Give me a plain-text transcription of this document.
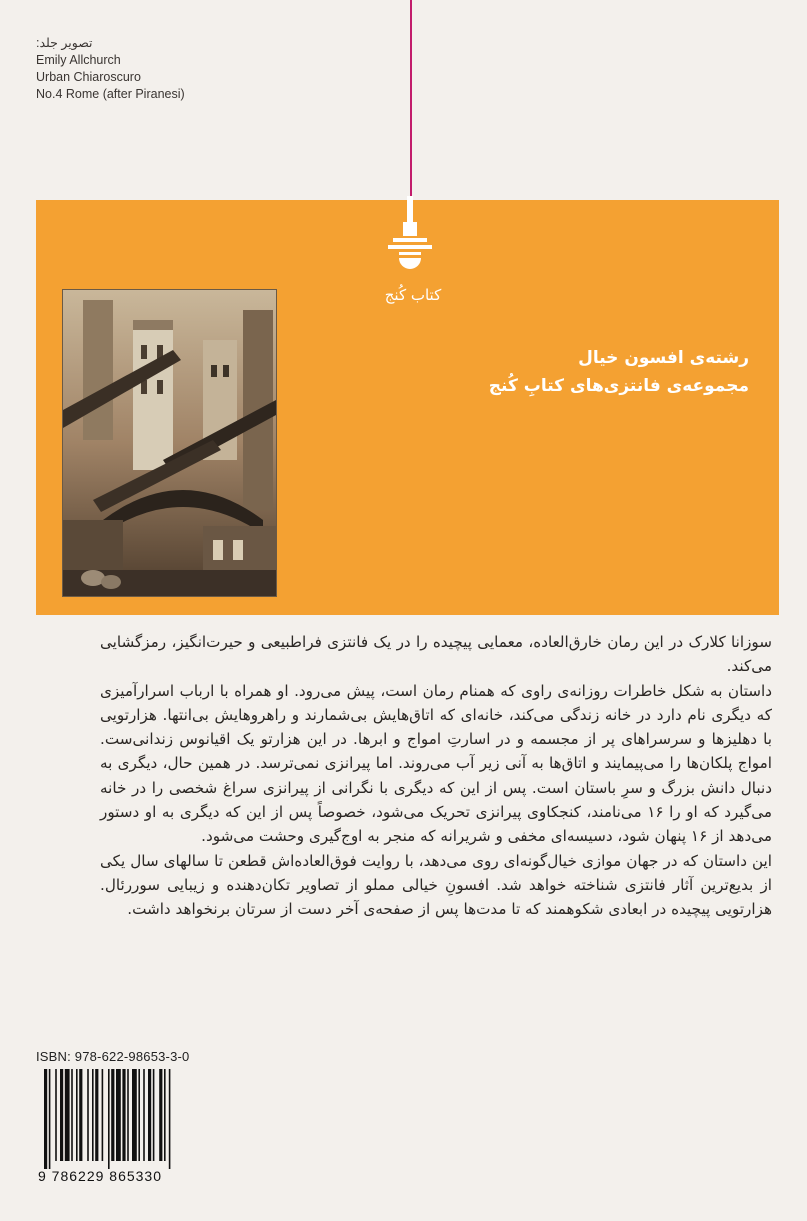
تصویر جلد:
Emily Allchurch
Urban Chiaroscuro
No.4 Rome (after Piranesi)
کتاب کُنج
رشته‌ی افسون خیال
مجموعه‌ی فانتزی‌های کتابِ کُنج

سوزانا کلارک در این رمان خارق‌العاده، معمایی پیچیده را در یک فانتزی فراطبیعی و حیرت‌انگیز، رمزگشایی می‌کند.

داستان به شکل خاطرات روزانه‌ی راوی که همنام رمان است، پیش می‌رود. او همراه با ارباب اسرارآمیزی که دیگری نام دارد در خانه زندگی می‌کند، خانه‌ای که اتاق‌هایش بی‌شمارند و راهروهایش بی‌انتها. هزارتویی با دهلیزها و سرسراهای پر از مجسمه و در اسارتِ امواج و ابرها. در این هزارتو یک اقیانوس زندانی‌ست. امواج پلکان‌ها را می‌پیمایند و اتاق‌ها به آنی زیر آب می‌روند. اما پیرانزی نمی‌ترسد. در همین حال، دیگری به دنبال دانش بزرگ و سرِ باستان است. پس از این که دیگری با نگرانی از پیرانزی سراغ شخصی را در خانه می‌گیرد که او را ۱۶ می‌نامند، کنجکاوی پیرانزی تحریک می‌شود، خصوصاً پس از این که دیگری به او دستور می‌دهد از ۱۶ پنهان شود، دسیسه‌ای مخفی و شریرانه که منجر به اوج‌گیری وحشت می‌شود.

این داستان که در جهان موازی خیال‌گونه‌ای روی می‌دهد، با روایت فوق‌العاده‌اش قطعن تا سالهای سال یکی از بدیع‌ترین آثار فانتزی شناخته خواهد شد. افسونِ خیالی مملو از تصاویر تکان‌دهنده و زیبایی سوررئال. هزارتویی پیچیده در ابعادی شکوهمند که تا مدت‌ها پس از صفحه‌ی آخر دست از سرتان برنخواهد داشت.

ISBN: 978-622-98653-3-0
9 786229 865330
